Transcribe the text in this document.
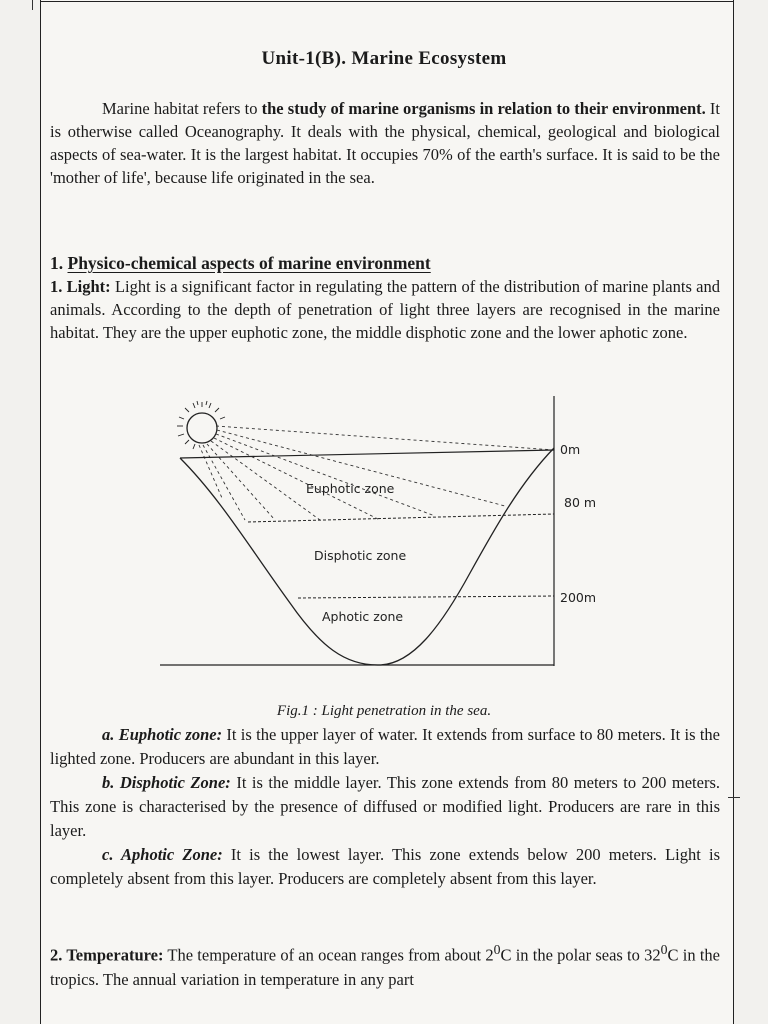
Unit-1(B). Marine Ecosystem
Marine habitat refers to the study of marine organisms in relation to their environment. It is otherwise called Oceanography. It deals with the physical, chemical, geological and biological aspects of sea-water. It is the largest habitat. It occupies 70% of the earth's surface. It is said to be the 'mother of life', because life originated in the sea.
1. Physico-chemical aspects of marine environment
1. Light: Light is a significant factor in regulating the pattern of the distribution of marine plants and animals. According to the depth of penetration of light three layers are recognised in the marine habitat. They are the upper euphotic zone, the middle disphotic zone and the lower aphotic zone.
0m
80 m
200m
Euphotic zone
Disphotic zone
Aphotic zone
Fig.1 : Light penetration in the sea.
a. Euphotic zone: It is the upper layer of water. It extends from surface to 80 meters. It is the lighted zone. Producers are abundant in this layer.
b. Disphotic Zone: It is the middle layer. This zone extends from 80 meters to 200 meters. This zone is characterised by the presence of diffused or modified light. Producers are rare in this layer.
c. Aphotic Zone: It is the lowest layer. This zone extends below 200 meters. Light is completely absent from this layer. Producers are completely absent from this layer.
2. Temperature: The temperature of an ocean ranges from about $2^0C$ in the polar seas to $32^0C$ in the tropics. The annual variation in temperature in any part
